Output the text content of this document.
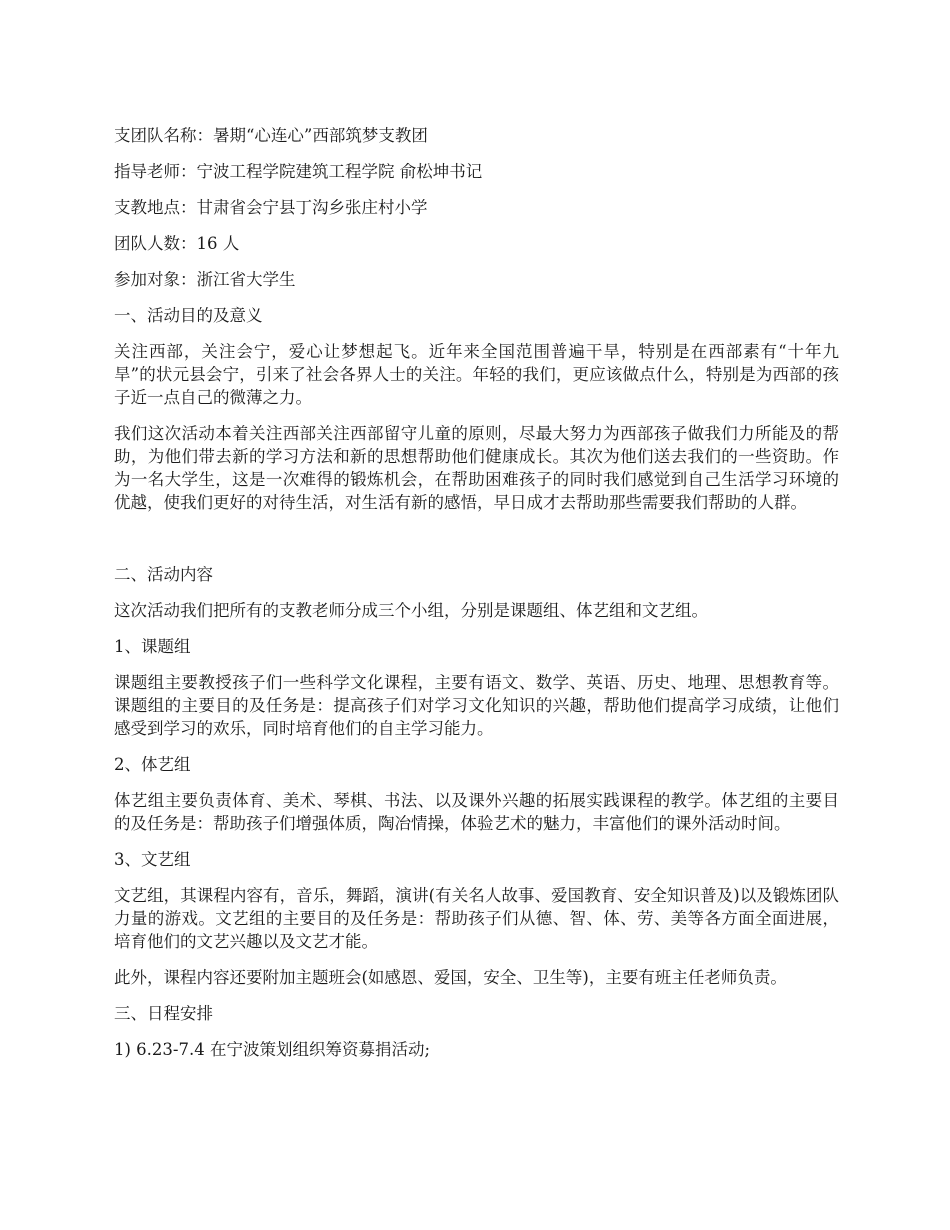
支团队名称：暑期“心连心”西部筑梦支教团

指导老师：宁波工程学院建筑工程学院 俞松坤书记

支教地点：甘肃省会宁县丁沟乡张庄村小学

团队人数：16 人

参加对象：浙江省大学生

一、活动目的及意义

关注西部，关注会宁，爱心让梦想起飞。近年来全国范围普遍干旱，特别是在西部素有“十年九旱”的状元县会宁，引来了社会各界人士的关注。年轻的我们，更应该做点什么，特别是为西部的孩子近一点自己的微薄之力。

我们这次活动本着关注西部关注西部留守儿童的原则，尽最大努力为西部孩子做我们力所能及的帮助，为他们带去新的学习方法和新的思想帮助他们健康成长。其次为他们送去我们的一些资助。作为一名大学生，这是一次难得的锻炼机会，在帮助困难孩子的同时我们感觉到自己生活学习环境的优越，使我们更好的对待生活，对生活有新的感悟，早日成才去帮助那些需要我们帮助的人群。

二、活动内容

这次活动我们把所有的支教老师分成三个小组，分别是课题组、体艺组和文艺组。

1、课题组

课题组主要教授孩子们一些科学文化课程，主要有语文、数学、英语、历史、地理、思想教育等。课题组的主要目的及任务是：提高孩子们对学习文化知识的兴趣，帮助他们提高学习成绩，让他们感受到学习的欢乐，同时培育他们的自主学习能力。

2、体艺组

体艺组主要负责体育、美术、琴棋、书法、以及课外兴趣的拓展实践课程的教学。体艺组的主要目的及任务是：帮助孩子们增强体质，陶冶情操，体验艺术的魅力，丰富他们的课外活动时间。

3、文艺组

文艺组，其课程内容有，音乐，舞蹈，演讲(有关名人故事、爱国教育、安全知识普及)以及锻炼团队力量的游戏。文艺组的主要目的及任务是：帮助孩子们从德、智、体、劳、美等各方面全面进展，培育他们的文艺兴趣以及文艺才能。

此外，课程内容还要附加主题班会(如感恩、爱国，安全、卫生等)，主要有班主任老师负责。

三、日程安排

1) 6.23-7.4 在宁波策划组织筹资募捐活动;
